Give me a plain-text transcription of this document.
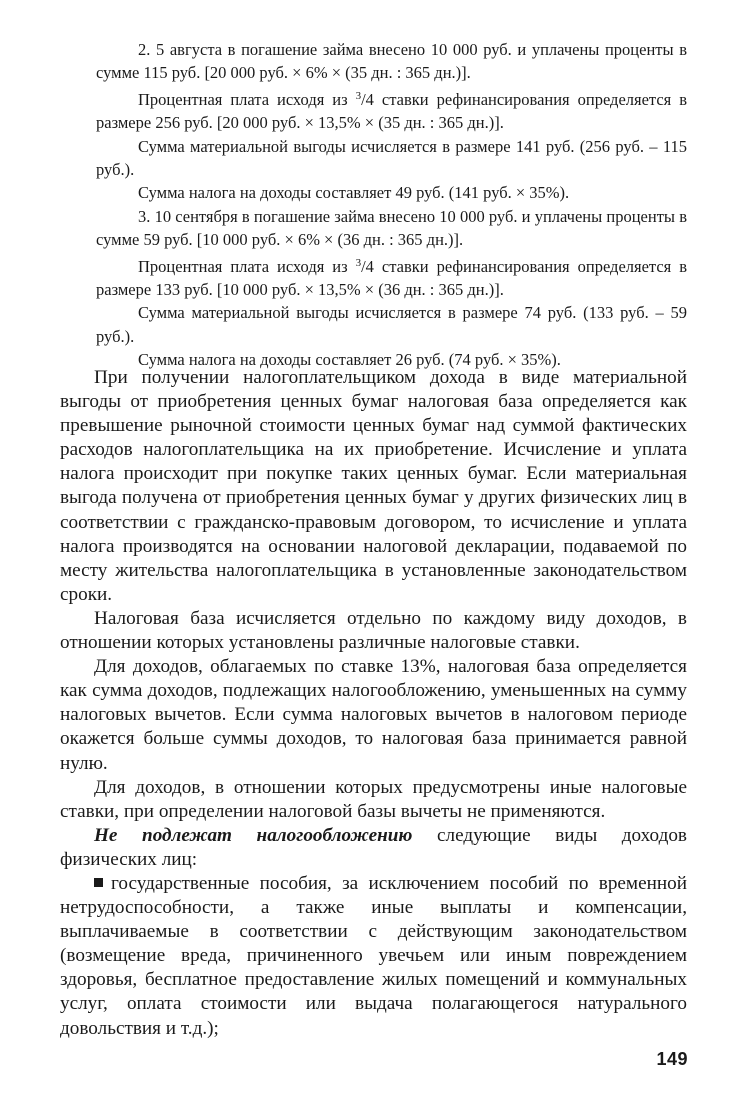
2. 5 августа в погашение займа внесено 10 000 руб. и уплачены проценты в сумме 115 руб. [20 000 руб. × 6% × (35 дн. : 365 дн.)].

Процентная плата исходя из $^3$/4 ставки рефинансирования определяется в размере 256 руб. [20 000 руб. × 13,5% × (35 дн. : 365 дн.)].

Сумма материальной выгоды исчисляется в размере 141 руб. (256 руб. – 115 руб.).

Сумма налога на доходы составляет 49 руб. (141 руб. × 35%).

3. 10 сентября в погашение займа внесено 10 000 руб. и уплачены проценты в сумме 59 руб. [10 000 руб. × 6% × (36 дн. : 365 дн.)].

Процентная плата исходя из $^3$/4 ставки рефинансирования определяется в размере 133 руб. [10 000 руб. × 13,5% × (36 дн. : 365 дн.)].

Сумма материальной выгоды исчисляется в размере 74 руб. (133 руб. – 59 руб.).

Сумма налога на доходы составляет 26 руб. (74 руб. × 35%).

При получении налогоплательщиком дохода в виде материальной выгоды от приобретения ценных бумаг налоговая база определяется как превышение рыночной стоимости ценных бумаг над суммой фактических расходов налогоплательщика на их приобретение. Исчисление и уплата налога происходит при покупке таких ценных бумаг. Если материальная выгода получена от приобретения ценных бумаг у других физических лиц в соответствии с гражданско-правовым договором, то исчисление и уплата налога производятся на основании налоговой декларации, подаваемой по месту жительства налогоплательщика в установленные законодательством сроки.

Налоговая база исчисляется отдельно по каждому виду доходов, в отношении которых установлены различные налоговые ставки.

Для доходов, облагаемых по ставке 13%, налоговая база определяется как сумма доходов, подлежащих налогообложению, уменьшенных на сумму налоговых вычетов. Если сумма налоговых вычетов в налоговом периоде окажется больше суммы доходов, то налоговая база принимается равной нулю.

Для доходов, в отношении которых предусмотрены иные налоговые ставки, при определении налоговой базы вычеты не применяются.

Не подлежат налогообложению следующие виды доходов физических лиц:

государственные пособия, за исключением пособий по временной нетрудоспособности, а также иные выплаты и компенсации, выплачиваемые в соответствии с действующим законодательством (возмещение вреда, причиненного увечьем или иным повреждением здоровья, бесплатное предоставление жилых помещений и коммунальных услуг, оплата стоимости или выдача полагающегося натурального довольствия и т.д.);

149
